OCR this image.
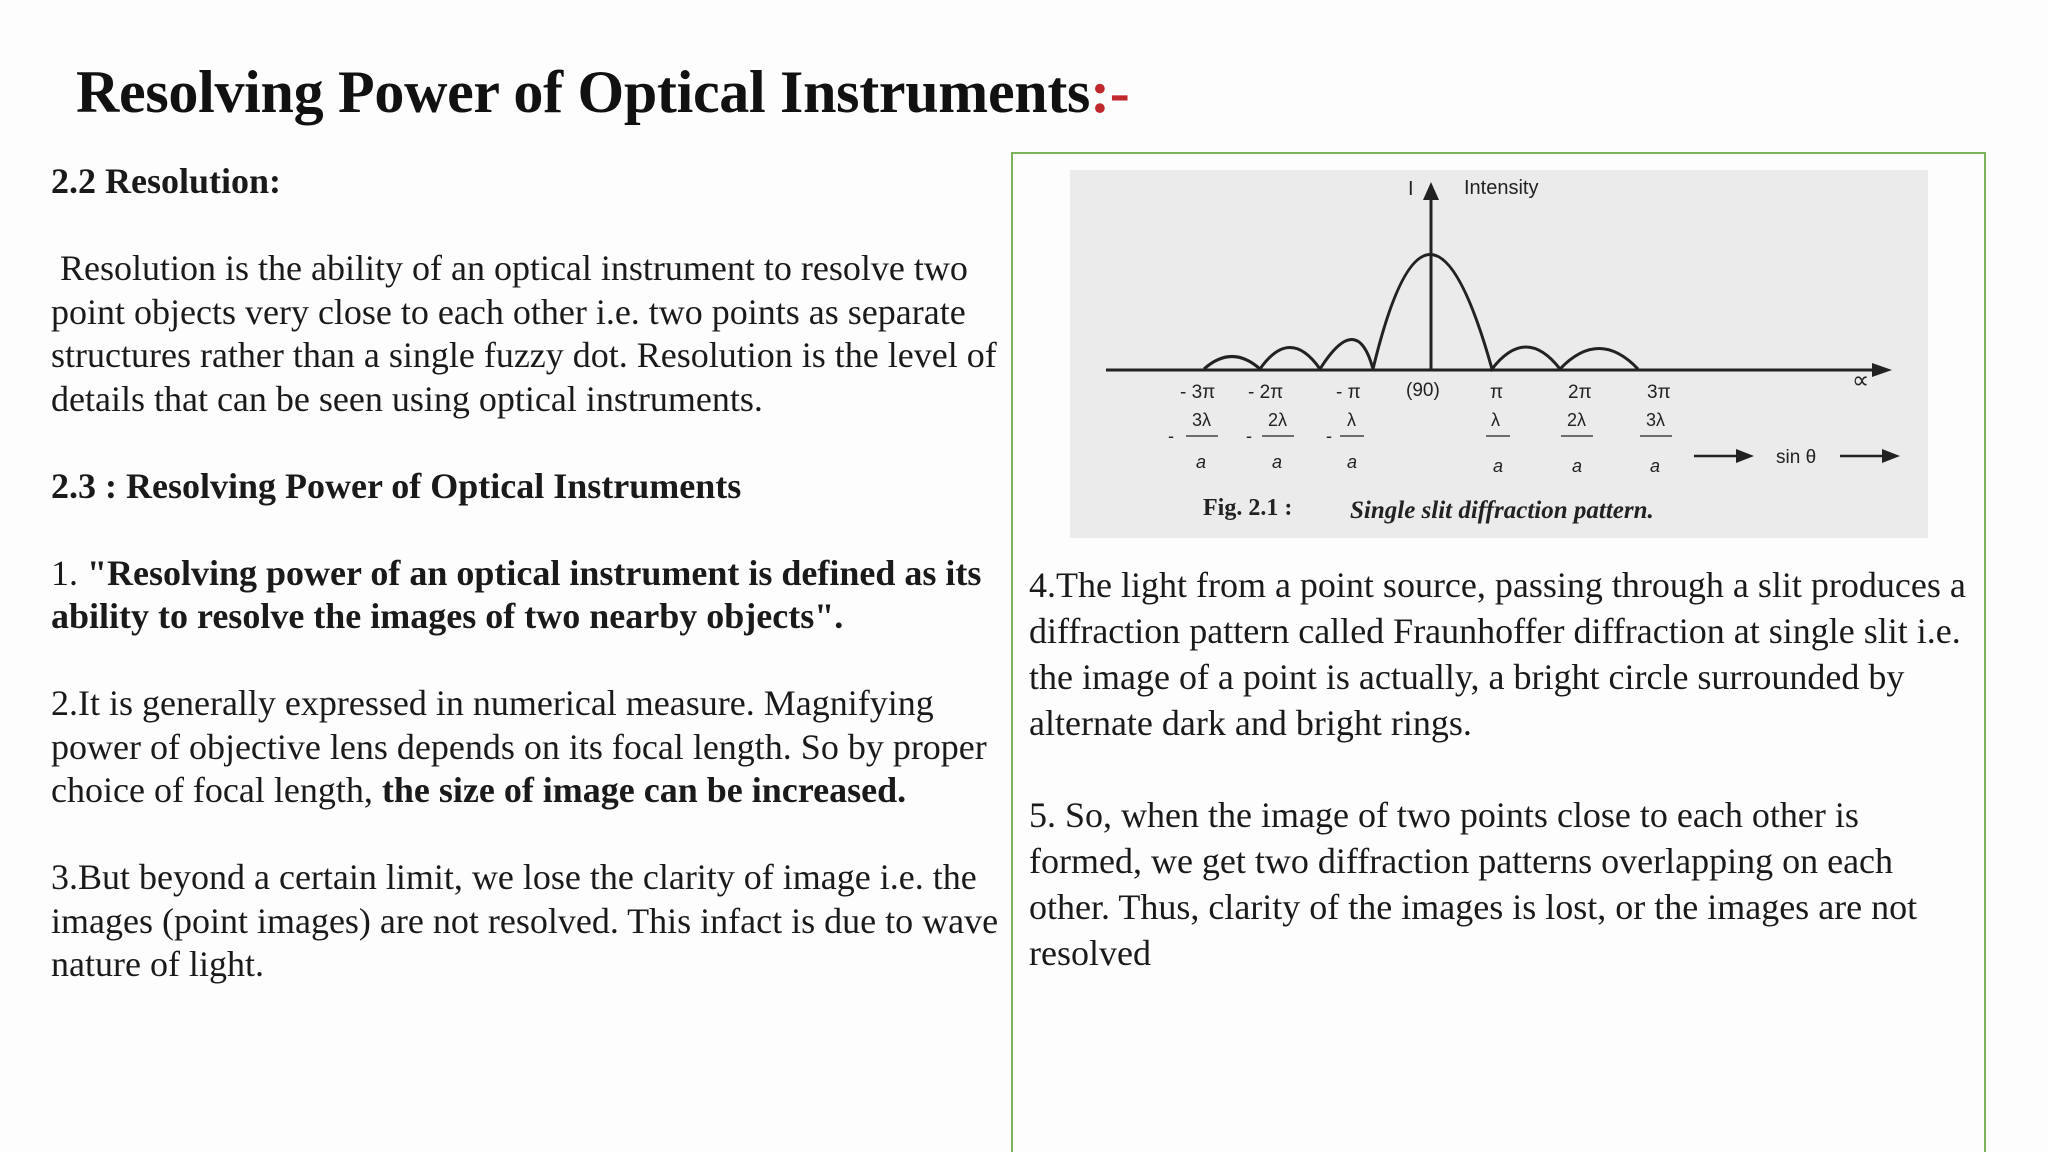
Resolving Power of Optical Instruments:-

2.2 Resolution:

Resolution is the ability of an optical instrument to resolve two point objects very close to each other i.e. two points as separate structures rather than a single fuzzy dot. Resolution is the level of details that can be seen using optical instruments.

2.3 : Resolving Power of Optical Instruments

1. "Resolving power of an optical instrument is defined as its ability to resolve the images of two nearby objects".

2.It is generally expressed in numerical measure. Magnifying power of objective lens depends on its focal length. So by proper choice of focal length, the size of image can be increased.

3.But beyond a certain limit, we lose the clarity of image i.e. the images (point images) are not resolved. This infact is due to wave nature of light.

I	Intensity
∝
- 3π - 2π	- π (90)	π	2π	3π
3λ	2λ	λ	λ	2λ	3λ
-	-	-
a	a	a	a	a	a	sin θ
Fig. 2.1 : Single slit diffraction pattern.

4.The light from a point source, passing through a slit produces a diffraction pattern called Fraunhoffer diffraction at single slit i.e. the image of a point is actually, a bright circle surrounded by alternate dark and bright rings.

5. So, when the image of two points close to each other is formed, we get two diffraction patterns overlapping on each other. Thus, clarity of the images is lost, or the images are not resolved
